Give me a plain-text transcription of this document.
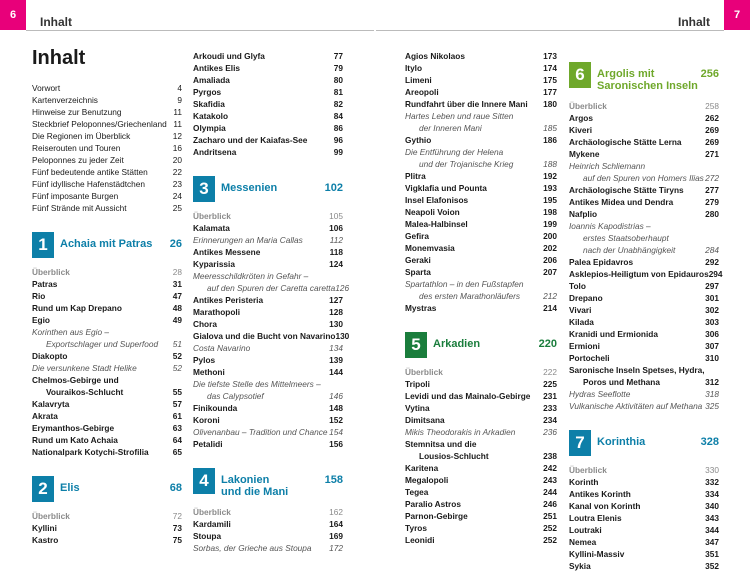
6	Inhalt	7
Inhalt
Inhalt
Vorwort	4
Kartenverzeichnis	9
Hinweise zur Benutzung	11
Steckbrief Peloponnes/Griechenland 11
Die Regionen im Überblick	12
Reiserouten und Touren	16
Peloponnes zu jeder Zeit	20
Fünf bedeutende antike Stätten	22
Fünf idyllische Hafenstädtchen	23
Fünf imposante Burgen	24
Fünf Strände mit Aussicht	25
1	Achaia mit Patras 26
Überblick	28
Patras	31
Rio	47
Rund um Kap Drepano	48
Egio	49
Korinthen aus Egio –
Exportschlager und Superfood 51
Diakopto	52
Die versunkene Stadt Helike	52
Chelmos-Gebirge und
Vouraikos-Schlucht	55
Kalavryta	57
Akrata	61
Erymanthos-Gebirge	63
Rund um Kato Achaia	64
Nationalpark Kotychi-Strofilia	65
2	Elis	68
Überblick	72
Kyllini	73
Kastro	75
Arkoudi und Glyfa	77
Antikes Elis	79
Amaliada	80
Pyrgos	81
Skafidia	82
Katakolo	84
Olympia	86
Zacharo und der Kaiafas-See	96
Andritsena	99
3	Messenien	102
Überblick	105
Kalamata	106
Erinnerungen an Maria Callas	112
Antikes Messene	118
Kyparissia	124
Meeresschildkröten in Gefahr –
auf den Spuren der Caretta caretta 126
Antikes Peristeria	127
Marathopoli	128
Chora	130
Gialova und die Bucht von Navarino 130
Costa Navarino	134
Pylos	139
Methoni	144
Die tiefste Stelle des Mittelmeers –
das Calypsotief	146
Finikounda	148
Koroni	152
Olivenanbau – Tradition und Chance 154
Petalidi	156
4	Lakonien
und die Mani
158
Überblick	162
Kardamili	164
Stoupa	169
Sorbas, der Grieche aus Stoupa 172
Agios Nikolaos	173
Itylo	174
Limeni	175
Areopoli	177
Rundfahrt über die Innere Mani 180
Hartes Leben und raue Sitten
der Inneren Mani	185
Gythio	186
Die Entführung der Helena
und der Trojanische Krieg	188
Plitra	192
Vigklafia und Pounta	193
Insel Elafonisos	195
Neapoli Voion	198
Malea-Halbinsel	199
Gefira	200
Monemvasia	202
Geraki	206
Sparta	207
Spartathlon – in den Fußstapfen
des ersten Marathonläufers	212
Mystras	214
5	Arkadien	220
Überblick	222
Tripoli	225
Levidi und das Mainalo-Gebirge 231
Vytina	233
Dimitsana	234
Mikis Theodorakis in Arkadien	236
Stemnitsa und die
Lousios-Schlucht	238
Karitena	242
Megalopoli	243
Tegea	244
Paralio Astros	246
Parnon-Gebirge	251
Tyros	252
Leonidi	252
6	Argolis mit
Saronischen Inseln
256
Überblick	258
Argos	262
Kiveri	269
Archäologische Stätte Lerna	269
Mykene	271
Heinrich Schliemann
auf den Spuren von Homers Ilias 272
Archäologische Stätte Tiryns	277
Antikes Midea und Dendra	279
Nafplio	280
Ioannis Kapodistrias –
erstes Staatsoberhaupt
nach der Unabhängigkeit	284
Palea Epidavros	292
Asklepios-Heiligtum von Epidauros 294
Tolo	297
Drepano	301
Vivari	302
Kilada	303
Kranidi und Ermionida	306
Ermioni	307
Portocheli	310
Saronische Inseln Spetses, Hydra,
Poros und Methana	312
Hydras Seeflotte	318
Vulkanische Aktivitäten auf Methana 325
7	Korinthia	328
Überblick	330
Korinth	332
Antikes Korinth	334
Kanal von Korinth	340
Loutra Elenis	343
Loutraki	344
Nemea	347
Kyllini-Massiv	351
Sykia	352
